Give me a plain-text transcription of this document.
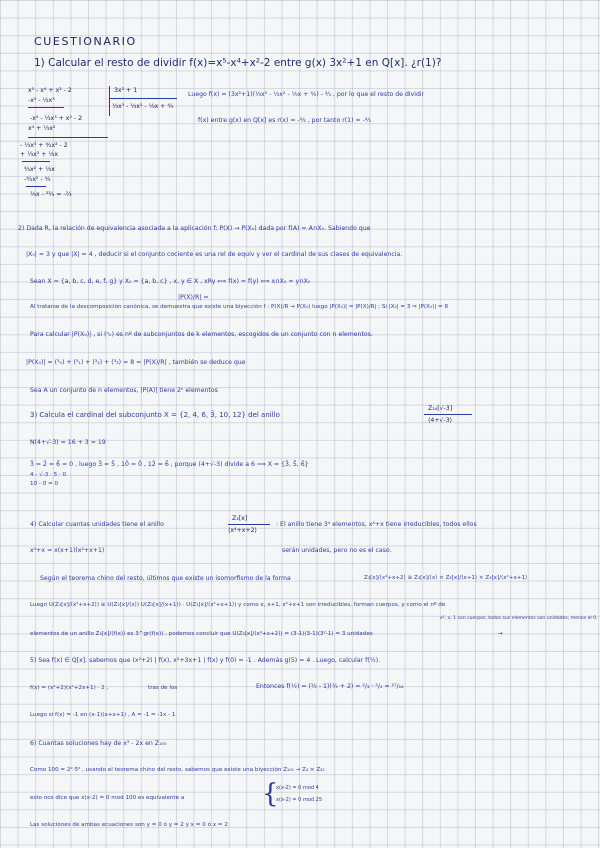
CUESTIONARIO
1) Calcular el resto de dividir f(x)=x⁵-x⁴+x²-2 entre g(x) 3x²+1 en Q[x]. ¿r(1)?
x⁵ - x⁴ + x² - 2
-x⁵ - ⅓x³
-x⁴ - ⅓x³ + x² - 2
x⁴ + ⅓x²
- ⅓x³ + ⁴⁄₃x² - 2
+ ⅓x³ + ⅑x
⁴⁄₃x² + ⅑x
-⁴⁄₃x² - ⁴⁄₉
⅑x - ²²⁄₉ = -⅔
3x² + 1
⅓x³ - ⅓x² - ⅑x + ⁴⁄₉
Luego f(x) = (3x²+1)(⅓x³ - ⅓x² - ⅑x + ⁴⁄₉) - ²⁄₃ , por lo que el resto de dividir
f(x) entre g(x) en Q[x] es r(x) = -²⁄₃ , por tanto r(1) = -²⁄₃
2) Dada R, la relación de equivalencia asociada a la aplicación f: P(X) → P(X₀) dada por f(A) = A∩X₀. Sabiendo que
|X₀| = 3 y que |X| = 4 , deducir si el conjunto cociente es una rel de equiv y ver el cardinal de sus clases de equivalencia.
Sean X = {a, b, c, d, e, f, g} y X₀ = {a, b, c} , x, y ∈ X , xRy ⟺ f(x) = f(y) ⟺ x∩X₀ = y∩X₀
|P(X)/R| =
Al tratarse de la descomposición canónica, se demuestra que existe una biyección f : P(X)/R → P(X₀) luego |P(X₀)| = |P(X)/R| ; Si |X₀| = 3 ⇒ |P(X₀)| = 8
Para calcular |P(X₀)| , si (ⁿₖ) es nº de subconjuntos de k elementos, escogidos de un conjunto con n elementos.
|P(X₀)| = (³₀) + (³₁) + (³₂) + (³₃) = 8 = |P(X)/R| , también se deduce que
Sea A un conjunto de n elementos, |P(A)| tiene 2ⁿ elementos
3) Calcula el cardinal del subconjunto X = {2, 4, 6, 3̄, 10, 12} del anillo
Z₂₄[√-3]
⟨4+√-3⟩
N(4+√-3) = 16 + 3 = 19
3̄ = 2̄ = 6̄ = 0 , luego 3̄ = 5̄ , 10̄ = 0̄ , 12̄ = 6̄ , porque (4+√-3) divide a 6 ⟹ X = {3̄, 5̄, 6̄}
4 - √-3 ⋅ 5̄ ⋅ 0
10̄ - 0̄ = 0
4) Calcular cuantas unidades tiene el anillo
Z₃[x]
⟨x⁴+x+2⟩
: El anillo tiene 3⁴ elementos, x⁴+x tiene irreducibles, todos ellos
x⁴+x = x(x+1)(x²+x+1)	serán unidades, pero no es el caso.
Según el teorema chino del resto, últimos que existe un isomorfismo de la forma	Z₃[x]/⟨x⁴+x+2⟩ ≅ Z₃[x]/⟨x⟩ × Z₃[x]/⟨x+1⟩ × Z₃[x]/⟨x²+x+1⟩
Luego U(Z₃[x]/⟨x⁴+x+2⟩) ≅ U(Z₃[x]/⟨x⟩) U(Z₃[x]/⟨x+1⟩) · U(Z₃[x]/⟨x²+x+1⟩) y como x, x+1, x²+x+1 son irreducibles, forman cuerpos, y como el nº de
x², x, 1 son cuerpos, todos sus elementos son unidades, menos el 0.
elementos de un anillo Z₃[x]/⟨f(x)⟩ es 3^gr(f(x)) , podemos concluir que U(Z₃[x]/⟨x⁴+x+2⟩) = (3-1)(3-1)(3²-1) = 3 unidades	→
5) Sea f(x) ∈ Q[x], sabemos que (x²+2) | f(x), x²+3x+1 | f(x) y f(0) = -1 . Además g(5) = 4 . Luego, calcular f(½).
f(x) = (x²+2)(x²+2x+1) · 2 ,	tras de los	Entonces f(½) = (½ - 1)(½ + 2) = ²/₃ · ⁵/₄ = ²⁷/₁₆
Luego si f(x) = -1 en (x-1)(x+x+1) , A = -1 = -1x - 1
6) Cuantas soluciones hay de x³ - 2x en Z₁₀₀
Como 100 = 2²·5² , usando el teorema chino del resto, sabemos que existe una biyección Z₁₀₀ → Z₄ × Z₂₅
esto nos dice que x(x-2) = 0 mod 100 es equivalente a	{
x(x-2) = 0 mod 4
x(x-2) = 0 mod 25
Las soluciones de ambas ecuaciones son y = 0 ó y = 2 y x = 0 ó x = 2
